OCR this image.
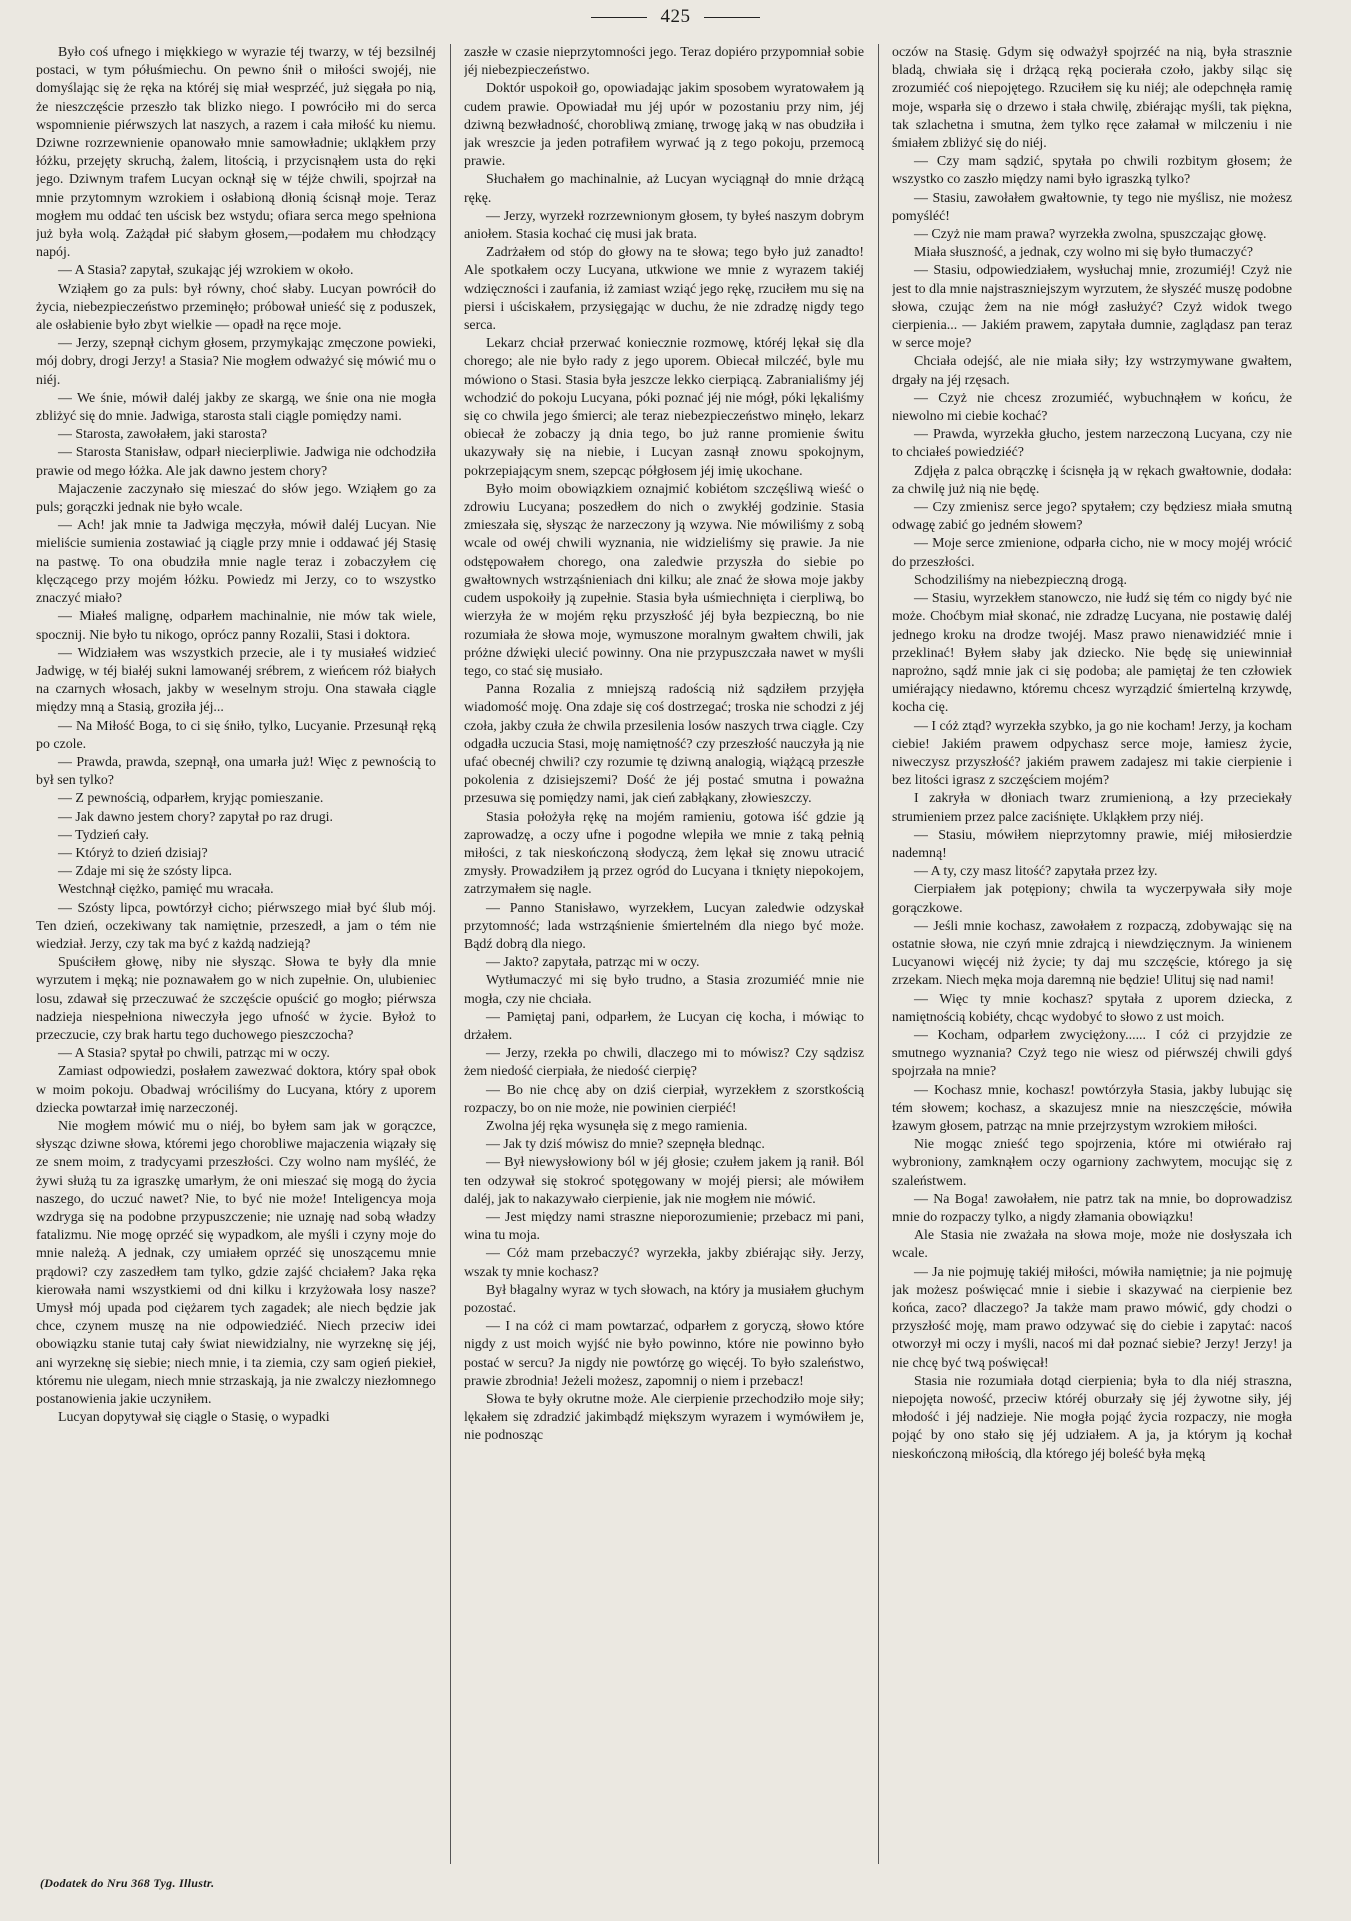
425

Było coś ufnego i miękkiego w wyrazie téj twarzy, w téj bezsilnéj postaci, w tym półuśmiechu. On pewno śnił o miłości swojéj, nie domyślając się że ręka na któréj się miał wesprzéć, już sięgała po nią, że nieszczęście przeszło tak blizko niego. I powróciło mi do serca wspomnienie piérwszych lat naszych, a razem i cała miłość ku niemu. Dziwne rozrzewnienie opanowało mnie samowładnie; ukląkłem przy łóżku, przejęty skruchą, żalem, litością, i przycisnąłem usta do ręki jego. Dziwnym trafem Lucyan ocknął się w téjże chwili, spojrzał na mnie przytomnym wzrokiem i osłabioną dłonią ścisnął moje. Teraz mogłem mu oddać ten uścisk bez wstydu; ofiara serca mego spełniona już była wolą. Zażądał pić słabym głosem,—podałem mu chłodzący napój.

— A Stasia? zapytał, szukając jéj wzrokiem w około.

Wziąłem go za puls: był równy, choć słaby. Lucyan powrócił do życia, niebezpieczeństwo przeminęło; próbował unieść się z poduszek, ale osłabienie było zbyt wielkie — opadł na ręce moje.

— Jerzy, szepnął cichym głosem, przymykając zmęczone powieki, mój dobry, drogi Jerzy! a Stasia? Nie mogłem odważyć się mówić mu o niéj.

— We śnie, mówił daléj jakby ze skargą, we śnie ona nie mogła zbliżyć się do mnie. Jadwiga, starosta stali ciągle pomiędzy nami.

— Starosta, zawołałem, jaki starosta?

— Starosta Stanisław, odparł niecierpliwie. Jadwiga nie odchodziła prawie od mego łóżka. Ale jak dawno jestem chory?

Majaczenie zaczynało się mieszać do słów jego. Wziąłem go za puls; gorączki jednak nie było wcale.

— Ach! jak mnie ta Jadwiga męczyła, mówił daléj Lucyan. Nie mieliście sumienia zostawiać ją ciągle przy mnie i oddawać jéj Stasię na pastwę. To ona obudziła mnie nagle teraz i zobaczyłem cię klęczącego przy mojém łóżku. Powiedz mi Jerzy, co to wszystko znaczyć miało?

— Miałeś malignę, odparłem machinalnie, nie mów tak wiele, spocznij. Nie było tu nikogo, oprócz panny Rozalii, Stasi i doktora.

— Widziałem was wszystkich przecie, ale i ty musiałeś widzieć Jadwigę, w téj białéj sukni lamowanéj srébrem, z wieńcem róż białych na czarnych włosach, jakby w weselnym stroju. Ona stawała ciągle między mną a Stasią, groziła jéj...

— Na Miłość Boga, to ci się śniło, tylko, Lucyanie. Przesunął ręką po czole.

— Prawda, prawda, szepnął, ona umarła już! Więc z pewnością to był sen tylko?

— Z pewnością, odparłem, kryjąc pomieszanie.

— Jak dawno jestem chory? zapytał po raz drugi.

— Tydzień cały.

— Któryż to dzień dzisiaj?

— Zdaje mi się że szósty lipca.

Westchnął ciężko, pamięć mu wracała.

— Szósty lipca, powtórzył cicho; piérwszego miał być ślub mój. Ten dzień, oczekiwany tak namiętnie, przeszedł, a jam o tém nie wiedział. Jerzy, czy tak ma być z każdą nadzieją?

Spuściłem głowę, niby nie słysząc. Słowa te były dla mnie wyrzutem i męką; nie poznawałem go w nich zupełnie. On, ulubieniec losu, zdawał się przeczuwać że szczęście opuścić go mogło; piérwsza nadzieja niespełniona niweczyła jego ufność w życie. Byłoż to przeczucie, czy brak hartu tego duchowego pieszczocha?

— A Stasia? spytał po chwili, patrząc mi w oczy.

Zamiast odpowiedzi, posłałem zawezwać doktora, który spał obok w moim pokoju. Obadwaj wróciliśmy do Lucyana, który z uporem dziecka powtarzał imię narzeczonéj.

Nie mogłem mówić mu o niéj, bo byłem sam jak w gorączce, słysząc dziwne słowa, któremi jego chorobliwe majaczenia wiązały się ze snem moim, z tradycyami przeszłości. Czy wolno nam myśléć, że żywi służą tu za igraszkę umarłym, że oni mieszać się mogą do życia naszego, do uczuć nawet? Nie, to być nie może! Inteligencya moja wzdryga się na podobne przypuszczenie; nie uznaję nad sobą władzy fatalizmu. Nie mogę oprzéć się wypadkom, ale myśli i czyny moje do mnie należą. A jednak, czy umiałem oprzéć się unoszącemu mnie prądowi? czy zaszedłem tam tylko, gdzie zajść chciałem? Jaka ręka kierowała nami wszystkiemi od dni kilku i krzyżowała losy nasze? Umysł mój upada pod ciężarem tych zagadek; ale niech będzie jak chce, czynem muszę na nie odpowiedziéć. Niech przeciw idei obowiązku stanie tutaj cały świat niewidzialny, nie wyrzeknę się jéj, ani wyrzeknę się siebie; niech mnie, i ta ziemia, czy sam ogień piekieł, któremu nie ulegam, niech mnie strzaskają, ja nie zwalczy niezłomnego postanowienia jakie uczyniłem.

Lucyan dopytywał się ciągle o Stasię, o wypadki

zaszłe w czasie nieprzytomności jego. Teraz dopiéro przypomniał sobie jéj niebezpieczeństwo.

Doktór uspokoił go, opowiadając jakim sposobem wyratowałem ją cudem prawie. Opowiadał mu jéj upór w pozostaniu przy nim, jéj dziwną bezwładność, chorobliwą zmianę, trwogę jaką w nas obudziła i jak wreszcie ja jeden potrafiłem wyrwać ją z tego pokoju, przemocą prawie.

Słuchałem go machinalnie, aż Lucyan wyciągnął do mnie drżącą rękę.

— Jerzy, wyrzekł rozrzewnionym głosem, ty byłeś naszym dobrym aniołem. Stasia kochać cię musi jak brata.

Zadrżałem od stóp do głowy na te słowa; tego było już zanadto! Ale spotkałem oczy Lucyana, utkwione we mnie z wyrazem takiéj wdzięczności i zaufania, iż zamiast wziąć jego rękę, rzuciłem mu się na piersi i uściskałem, przysięgając w duchu, że nie zdradzę nigdy tego serca.

Lekarz chciał przerwać koniecznie rozmowę, któréj lękał się dla chorego; ale nie było rady z jego uporem. Obiecał milczéć, byle mu mówiono o Stasi. Stasia była jeszcze lekko cierpiącą. Zabranialiśmy jéj wchodzić do pokoju Lucyana, póki poznać jéj nie mógł, póki lękaliśmy się co chwila jego śmierci; ale teraz niebezpieczeństwo minęło, lekarz obiecał że zobaczy ją dnia tego, bo już ranne promienie świtu ukazywały się na niebie, i Lucyan zasnął znowu spokojnym, pokrzepiającym snem, szepcąc półgłosem jéj imię ukochane.

Było moim obowiązkiem oznajmić kobiétom szczęśliwą wieść o zdrowiu Lucyana; poszedłem do nich o zwykłéj godzinie. Stasia zmieszała się, słysząc że narzeczony ją wzywa. Nie mówiliśmy z sobą wcale od owéj chwili wyznania, nie widzieliśmy się prawie. Ja nie odstępowałem chorego, ona zaledwie przyszła do siebie po gwałtownych wstrząśnieniach dni kilku; ale znać że słowa moje jakby cudem uspokoiły ją zupełnie. Stasia była uśmiechnięta i cierpliwą, bo wierzyła że w mojém ręku przyszłość jéj była bezpieczną, bo nie rozumiała że słowa moje, wymuszone moralnym gwałtem chwili, jak próżne dźwięki ulecić powinny. Ona nie przypuszczała nawet w myśli tego, co stać się musiało.

Panna Rozalia z mniejszą radością niż sądziłem przyjęła wiadomość moję. Ona zdaje się coś dostrzegać; troska nie schodzi z jéj czoła, jakby czuła że chwila przesilenia losów naszych trwa ciągle. Czy odgadła uczucia Stasi, moję namiętność? czy przeszłość nauczyła ją nie ufać obecnéj chwili? czy rozumie tę dziwną analogią, wiążącą przeszłe pokolenia z dzisiejszemi? Dość że jéj postać smutna i poważna przesuwa się pomiędzy nami, jak cień zabłąkany, złowieszczy.

Stasia położyła rękę na mojém ramieniu, gotowa iść gdzie ją zaprowadzę, a oczy ufne i pogodne wlepiła we mnie z taką pełnią miłości, z tak nieskończoną słodyczą, żem lękał się znowu utracić zmysły. Prowadziłem ją przez ogród do Lucyana i tknięty niepokojem, zatrzymałem się nagle.

— Panno Stanisławo, wyrzekłem, Lucyan zaledwie odzyskał przytomność; lada wstrząśnienie śmiertelném dla niego być może. Bądź dobrą dla niego.

— Jakto? zapytała, patrząc mi w oczy.

Wytłumaczyć mi się było trudno, a Stasia zrozumiéć mnie nie mogła, czy nie chciała.

— Pamiętaj pani, odparłem, że Lucyan cię kocha, i mówiąc to drżałem.

— Jerzy, rzekła po chwili, dlaczego mi to mówisz? Czy sądzisz żem niedość cierpiała, że niedość cierpię?

— Bo nie chcę aby on dziś cierpiał, wyrzekłem z szorstkością rozpaczy, bo on nie może, nie powinien cierpiéć!

Zwolna jéj ręka wysunęła się z mego ramienia.

— Jak ty dziś mówisz do mnie? szepnęła blednąc.

— Był niewysłowiony ból w jéj głosie; czułem jakem ją ranił. Ból ten odzywał się stokroć spotęgowany w mojéj piersi; ale mówiłem daléj, jak to nakazywało cierpienie, jak nie mogłem nie mówić.

— Jest między nami straszne nieporozumienie; przebacz mi pani, wina tu moja.

— Cóż mam przebaczyć? wyrzekła, jakby zbiérając siły. Jerzy, wszak ty mnie kochasz?

Był błagalny wyraz w tych słowach, na który ja musiałem głuchym pozostać.

— I na cóż ci mam powtarzać, odparłem z goryczą, słowo które nigdy z ust moich wyjść nie było powinno, które nie powinno było postać w sercu? Ja nigdy nie powtórzę go więcéj. To było szaleństwo, prawie zbrodnia! Jeżeli możesz, zapomnij o niem i przebacz!

Słowa te były okrutne może. Ale cierpienie przechodziło moje siły; lękałem się zdradzić jakimbądź miększym wyrazem i wymówiłem je, nie podnosząc

oczów na Stasię. Gdym się odważył spojrzéć na nią, była strasznie bladą, chwiała się i drżącą ręką pocierała czoło, jakby siląc się zrozumiéć coś niepojętego. Rzuciłem się ku niéj; ale odepchnęła ramię moje, wsparła się o drzewo i stała chwilę, zbiérając myśli, tak piękna, tak szlachetna i smutna, żem tylko ręce załamał w milczeniu i nie śmiałem zbliżyć się do niéj.

— Czy mam sądzić, spytała po chwili rozbitym głosem; że wszystko co zaszło między nami było igraszką tylko?

— Stasiu, zawołałem gwałtownie, ty tego nie myślisz, nie możesz pomyśléć!

— Czyż nie mam prawa? wyrzekła zwolna, spuszczając głowę.

Miała słuszność, a jednak, czy wolno mi się było tłumaczyć?

— Stasiu, odpowiedziałem, wysłuchaj mnie, zrozumiéj! Czyż nie jest to dla mnie najstraszniejszym wyrzutem, że słyszéć muszę podobne słowa, czując żem na nie mógł zasłużyć? Czyż widok twego cierpienia... — Jakiém prawem, zapytała dumnie, zaglądasz pan teraz w serce moje?

Chciała odejść, ale nie miała siły; łzy wstrzymywane gwałtem, drgały na jéj rzęsach.

— Czyż nie chcesz zrozumiéć, wybuchnąłem w końcu, że niewolno mi ciebie kochać?

— Prawda, wyrzekła głucho, jestem narzeczoną Lucyana, czy nie to chciałeś powiedziéć?

Zdjęła z palca obrączkę i ścisnęła ją w rękach gwałtownie, dodała: za chwilę już nią nie będę.

— Czy zmienisz serce jego? spytałem; czy będziesz miała smutną odwagę zabić go jedném słowem?

— Moje serce zmienione, odparła cicho, nie w mocy mojéj wrócić do przeszłości.

Schodziliśmy na niebezpieczną drogą.

— Stasiu, wyrzekłem stanowczo, nie łudź się tém co nigdy być nie może. Choćbym miał skonać, nie zdradzę Lucyana, nie postawię daléj jednego kroku na drodze twojéj. Masz prawo nienawidziéć mnie i przeklinać! Byłem słaby jak dziecko. Nie będę się uniewinniał naprożno, sądź mnie jak ci się podoba; ale pamiętaj że ten człowiek umiérający niedawno, któremu chcesz wyrządzić śmiertelną krzywdę, kocha cię.

— I cóż ztąd? wyrzekła szybko, ja go nie kocham! Jerzy, ja kocham ciebie! Jakiém prawem odpychasz serce moje, łamiesz życie, niweczysz przyszłość? jakiém prawem zadajesz mi takie cierpienie i bez litości igrasz z szczęściem mojém?

I zakryła w dłoniach twarz zrumienioną, a łzy przeciekały strumieniem przez palce zaciśnięte. Ukląkłem przy niéj.

— Stasiu, mówiłem nieprzytomny prawie, miéj miłosierdzie nademną!

— A ty, czy masz litość? zapytała przez łzy.

Cierpiałem jak potępiony; chwila ta wyczerpywała siły moje gorączkowe.

— Jeśli mnie kochasz, zawołałem z rozpaczą, zdobywając się na ostatnie słowa, nie czyń mnie zdrajcą i niewdzięcznym. Ja winienem Lucyanowi więcéj niż życie; ty daj mu szczęście, którego ja się zrzekam. Niech męka moja daremną nie będzie! Ulituj się nad nami!

— Więc ty mnie kochasz? spytała z uporem dziecka, z namiętnością kobiéty, chcąc wydobyć to słowo z ust moich.

— Kocham, odparłem zwyciężony...... I cóż ci przyjdzie ze smutnego wyznania? Czyż tego nie wiesz od piérwszéj chwili gdyś spojrzała na mnie?

— Kochasz mnie, kochasz! powtórzyła Stasia, jakby lubując się tém słowem; kochasz, a skazujesz mnie na nieszczęście, mówiła łzawym głosem, patrząc na mnie przejrzystym wzrokiem miłości.

Nie mogąc znieść tego spojrzenia, które mi otwiérało raj wybroniony, zamknąłem oczy ogarniony zachwytem, mocując się z szaleństwem.

— Na Boga! zawołałem, nie patrz tak na mnie, bo doprowadzisz mnie do rozpaczy tylko, a nigdy złamania obowiązku!

Ale Stasia nie zważała na słowa moje, może nie dosłyszała ich wcale.

— Ja nie pojmuję takiéj miłości, mówiła namiętnie; ja nie pojmuję jak możesz poświęcać mnie i siebie i skazywać na cierpienie bez końca, zaco? dlaczego? Ja także mam prawo mówić, gdy chodzi o przyszłość moję, mam prawo odzywać się do ciebie i zapytać: nacoś otworzył mi oczy i myśli, nacoś mi dał poznać siebie? Jerzy! Jerzy! ja nie chcę być twą poświęcał!

Stasia nie rozumiała dotąd cierpienia; była to dla niéj straszna, niepojęta nowość, przeciw któréj oburzały się jéj żywotne siły, jéj młodość i jéj nadzieje. Nie mogła pojąć życia rozpaczy, nie mogła pojąć by ono stało się jéj udziałem. A ja, ja którym ją kochał nieskończoną miłością, dla którego jéj boleść była męką

(Dodatek do Nru 368 Tyg. Illustr.
